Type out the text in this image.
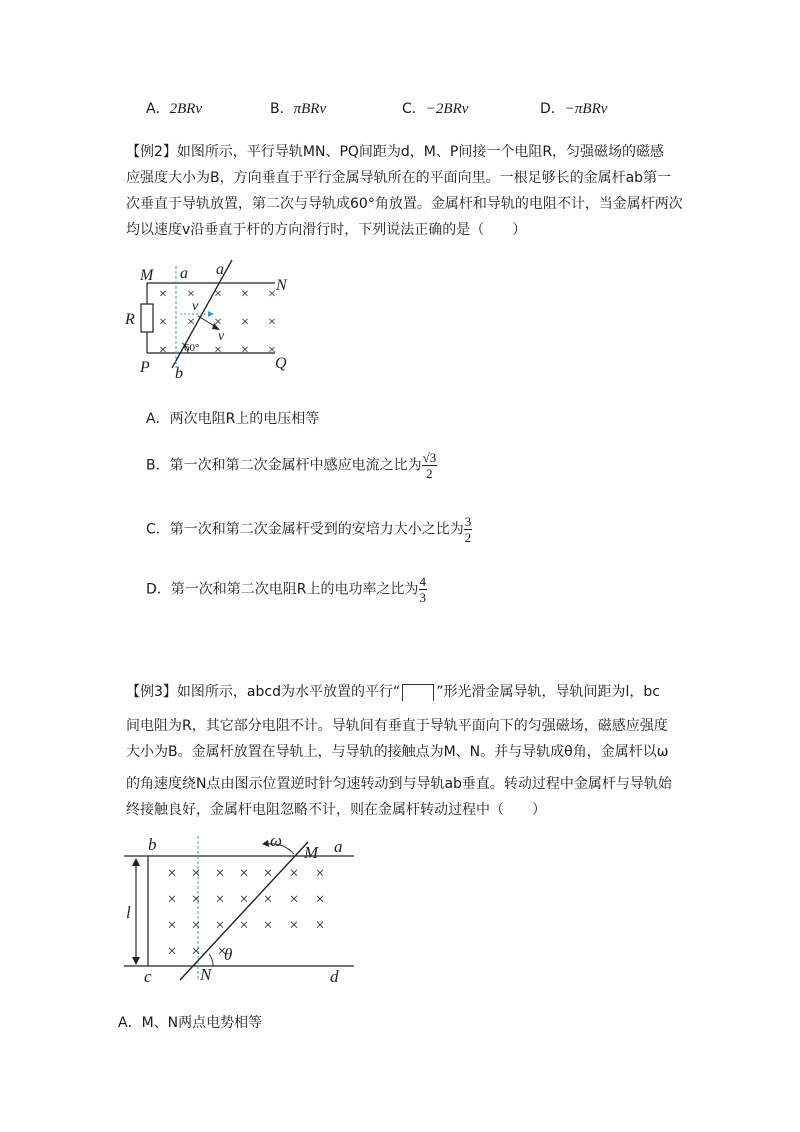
A．2BRv	B．πBRv	C．−2BRv	D．−πBRv
【例2】如图所示，平行导轨MN、PQ间距为d，M、P间接一个电阻R，匀强磁场的磁感
应强度大小为B，方向垂直于平行金属导轨所在的平面向里。一根足够长的金属杆ab第一
次垂直于导轨放置，第二次与导轨成60°角放置。金属杆和导轨的电阻不计，当金属杆两次
均以速度v沿垂直于杆的方向滑行时，下列说法正确的是（　　）
× × × × ×
× × × × ×
×	× × ×
M a a
N
R
P b
Q
v
v
60°
A．两次电阻R上的电压相等
B．第一次和第二次金属杆中感应电流之比为 $\frac{√3}{2}$
C．第一次和第二次金属杆受到的安培力大小之比为 $\frac{3}{2}$
D．第一次和第二次电阻R上的电功率之比为 $\frac{4}{3}$
【例3】如图所示，abcd为水平放置的平行“	”形光滑金属导轨，导轨间距为l，bc
间电阻为R，其它部分电阻不计。导轨间有垂直于导轨平面向下的匀强磁场，磁感应强度
大小为B。金属杆放置在导轨上，与导轨的接触点为M、N。并与导轨成θ角，金属杆以ω
的角速度绕N点由图示位置逆时针匀速转动到与导轨ab垂直。转动过程中金属杆与导轨始
终接触良好，金属杆电阻忽略不计，则在金属杆转动过程中（　　）
× × × × × × ×
× × × × × × ×
× × × × × × ×
× × ×
b	M a
ω
l
c	N
θ
d
A．M、N两点电势相等
